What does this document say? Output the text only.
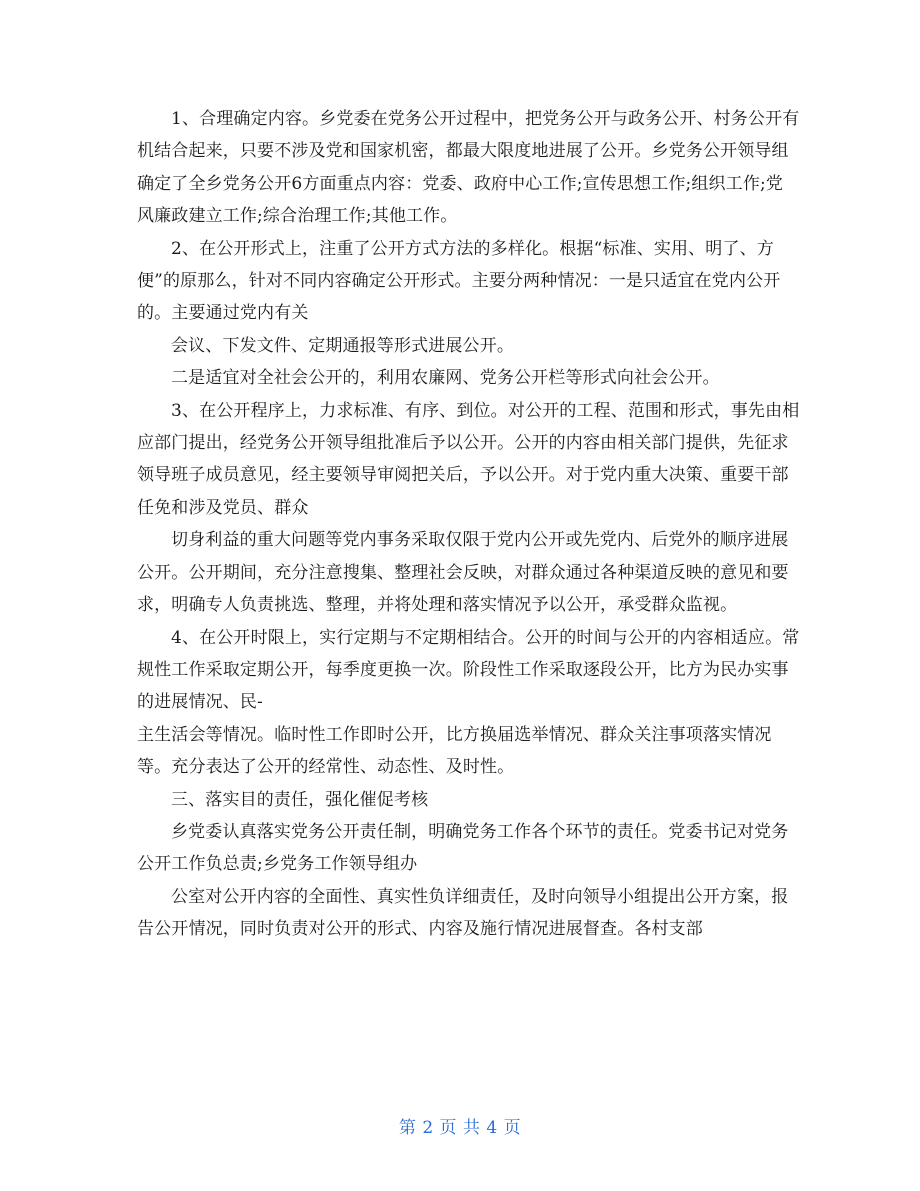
1、合理确定内容。乡党委在党务公开过程中，把党务公开与政务公开、村务公开有机结合起来，只要不涉及党和国家机密，都最大限度地进展了公开。乡党务公开领导组确定了全乡党务公开6方面重点内容：党委、政府中心工作;宣传思想工作;组织工作;党风廉政建立工作;综合治理工作;其他工作。

2、在公开形式上，注重了公开方式方法的多样化。根据“标准、实用、明了、方便”的原那么，针对不同内容确定公开形式。主要分两种情况：一是只适宜在党内公开的。主要通过党内有关

会议、下发文件、定期通报等形式进展公开。

二是适宜对全社会公开的，利用农廉网、党务公开栏等形式向社会公开。

3、在公开程序上，力求标准、有序、到位。对公开的工程、范围和形式，事先由相应部门提出，经党务公开领导组批准后予以公开。公开的内容由相关部门提供，先征求领导班子成员意见，经主要领导审阅把关后，予以公开。对于党内重大决策、重要干部任免和涉及党员、群众

切身利益的重大问题等党内事务采取仅限于党内公开或先党内、后党外的顺序进展公开。公开期间，充分注意搜集、整理社会反映，对群众通过各种渠道反映的意见和要求，明确专人负责挑选、整理，并将处理和落实情况予以公开，承受群众监视。

4、在公开时限上，实行定期与不定期相结合。公开的时间与公开的内容相适应。常规性工作采取定期公开，每季度更换一次。阶段性工作采取逐段公开，比方为民办实事的进展情况、民-

主生活会等情况。临时性工作即时公开，比方换届选举情况、群众关注事项落实情况等。充分表达了公开的经常性、动态性、及时性。

三、落实目的责任，强化催促考核

乡党委认真落实党务公开责任制，明确党务工作各个环节的责任。党委书记对党务公开工作负总责;乡党务工作领导组办

公室对公开内容的全面性、真实性负详细责任，及时向领导小组提出公开方案，报告公开情况，同时负责对公开的形式、内容及施行情况进展督查。各村支部

第 2 页 共 4 页
